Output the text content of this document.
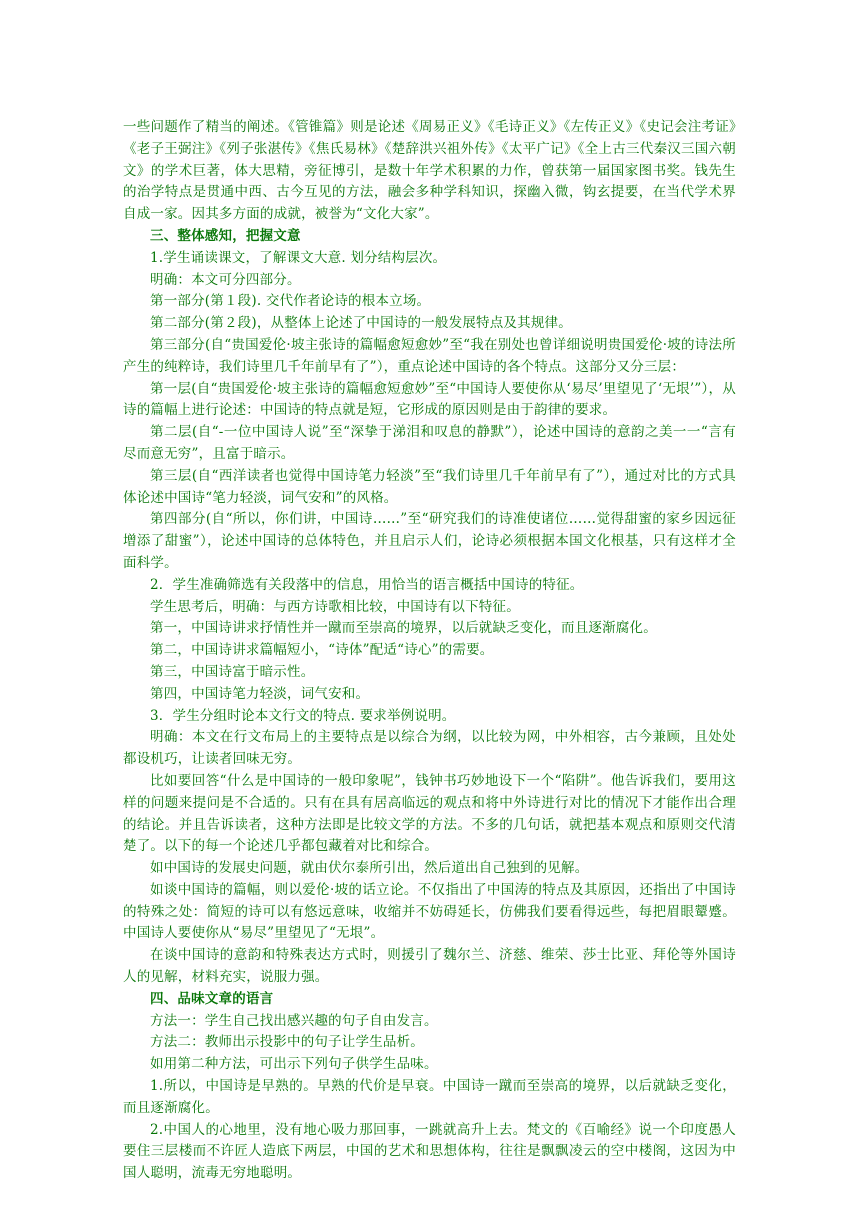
一些问题作了精当的阐述。《管锥篇》则是论述《周易正义》《毛诗正义》《左传正义》《史记会注考证》《老子王弼注》《列子张湛传》《焦氏易林》《楚辞洪兴祖外传》《太平广记》《全上古三代秦汉三国六朝文》的学术巨著，体大思精，旁征博引，是数十年学术积累的力作，曾获第一届国家图书奖。钱先生的治学特点是贯通中西、古今互见的方法，融会多种学科知识，探幽入微，钩玄提要，在当代学术界自成一家。因其多方面的成就，被誉为“文化大家”。

三、整体感知，把握文意

1.学生诵读课文，了解课文大意. 划分结构层次。

明确：本文可分四部分。

第一部分(第１段). 交代作者论诗的根本立场。

第二部分(第２段)，从整体上论述了中国诗的一般发展特点及其规律。

第三部分(自“贵国爱伦·坡主张诗的篇幅愈短愈妙”至“我在别处也曾详细说明贵国爱伦·坡的诗法所产生的纯粹诗，我们诗里几千年前早有了”），重点论述中国诗的各个特点。这部分又分三层：

第一层(自“贵国爱伦·坡主张诗的篇幅愈短愈妙”至“中国诗人要使你从‘易尽’里望见了‘无垠’”），从诗的篇幅上进行论述：中国诗的特点就是短，它形成的原因则是由于韵律的要求。

第二层(自“-一位中国诗人说”至“深挚于涕泪和叹息的静默”），论述中国诗的意韵之美一一“言有尽而意无穷”，且富于暗示。

第三层(自“西洋读者也觉得中国诗笔力轻淡”至“我们诗里几千年前早有了”），通过对比的方式具体论述中国诗“笔力轻淡，词气安和”的风格。

第四部分(自“所以，你们讲，中国诗……”至“研究我们的诗准使诸位……觉得甜蜜的家乡因远征增添了甜蜜”），论述中国诗的总体特色，并且启示人们，论诗必须根据本国文化根基，只有这样才全面科学。

2．学生准确筛选有关段落中的信息，用恰当的语言概括中国诗的特征。

学生思考后，明确：与西方诗歌相比较，中国诗有以下特征。

第一，中国诗讲求抒情性并一蹴而至崇高的境界，以后就缺乏变化，而且逐渐腐化。

第二，中国诗讲求篇幅短小，“诗体”配适“诗心”的需要。

第三，中国诗富于暗示性。

第四，中国诗笔力轻淡，词气安和。

3．学生分组时论本文行文的特点. 要求举例说明。

明确：本文在行文布局上的主要特点是以综合为纲，以比较为网，中外相容，古今兼顾，且处处都设机巧，让读者回味无穷。

比如要回答“什么是中国诗的一般印象呢”，钱钟书巧妙地设下一个“陷阱”。他告诉我们，要用这样的问题来提问是不合适的。只有在具有居高临远的观点和将中外诗进行对比的情况下才能作出合理的结论。并且告诉读者，这种方法即是比较文学的方法。不多的几句话，就把基本观点和原则交代清楚了。以下的每一个论述几乎都包藏着对比和综合。

如中国诗的发展史问题，就由伏尔泰所引出，然后道出自己独到的见解。

如谈中国诗的篇幅，则以爱伦·坡的话立论。不仅指出了中国涛的特点及其原因，还指出了中国诗的特殊之处：简短的诗可以有悠远意味，收缩并不妨碍延长，仿佛我们要看得远些，每把眉眼颦蹙。中国诗人要使你从“易尽”里望见了“无垠”。

在谈中国诗的意韵和特殊表达方式时，则援引了魏尔兰、济慈、维荣、莎士比亚、拜伦等外国诗人的见解，材料充实，说服力强。

四、品味文章的语言

方法一：学生自己找出感兴趣的句子自由发言。

方法二：教师出示投影中的句子让学生品析。

如用第二种方法，可出示下列句子供学生品味。

1.所以，中国诗是早熟的。早熟的代价是早衰。中国诗一蹴而至崇高的境界，以后就缺乏变化，而且逐渐腐化。

2.中国人的心地里，没有地心吸力那回事，一跳就高升上去。梵文的《百喻经》说一个印度愚人要住三层楼而不许匠人造底下两层，中国的艺术和思想体构，往往是飘飘凌云的空中楼阁，这因为中国人聪明，流毒无穷地聪明。
